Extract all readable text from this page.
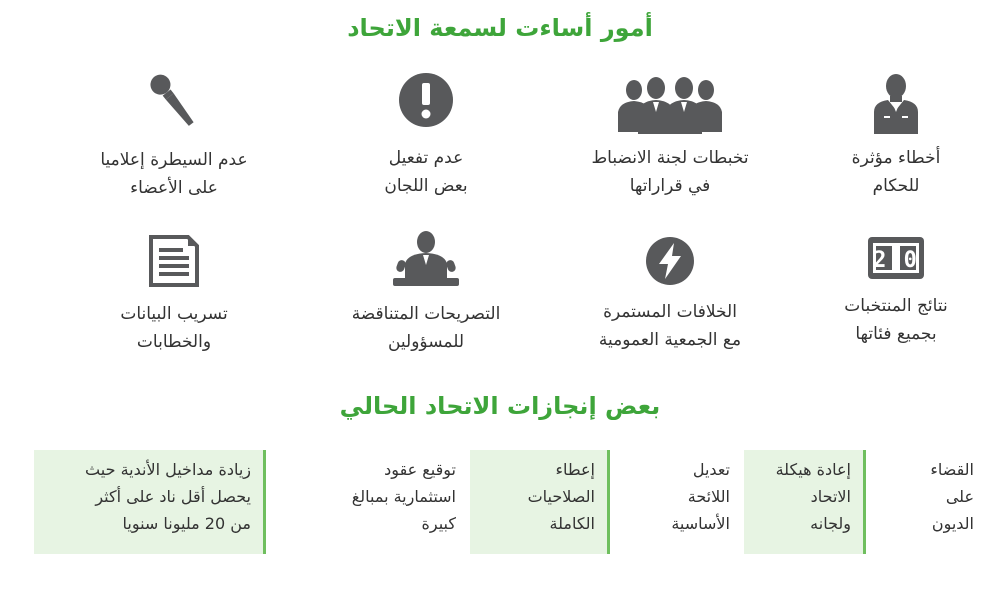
أمور أساءت لسمعة الاتحاد
أخطاء مؤثرة
للحكام
تخبطات لجنة الانضباط
في قراراتها
عدم تفعيل
بعض اللجان
عدم السيطرة إعلاميا
على الأعضاء
2:0
نتائج المنتخبات
بجميع فئاتها
الخلافات المستمرة
مع الجمعية العمومية
التصريحات المتناقضة
للمسؤولين
تسريب البيانات
والخطابات
بعض إنجازات الاتحاد الحالي
القضاء
على
الديون
إعادة هيكلة
الاتحاد
ولجانه
تعديل
اللائحة
الأساسية
إعطاء
الصلاحيات
الكاملة
توقيع عقود
استثمارية بمبالغ
كبيرة
زيادة مداخيل الأندية حيث
يحصل أقل ناد على أكثر
من 20 مليونا سنويا
